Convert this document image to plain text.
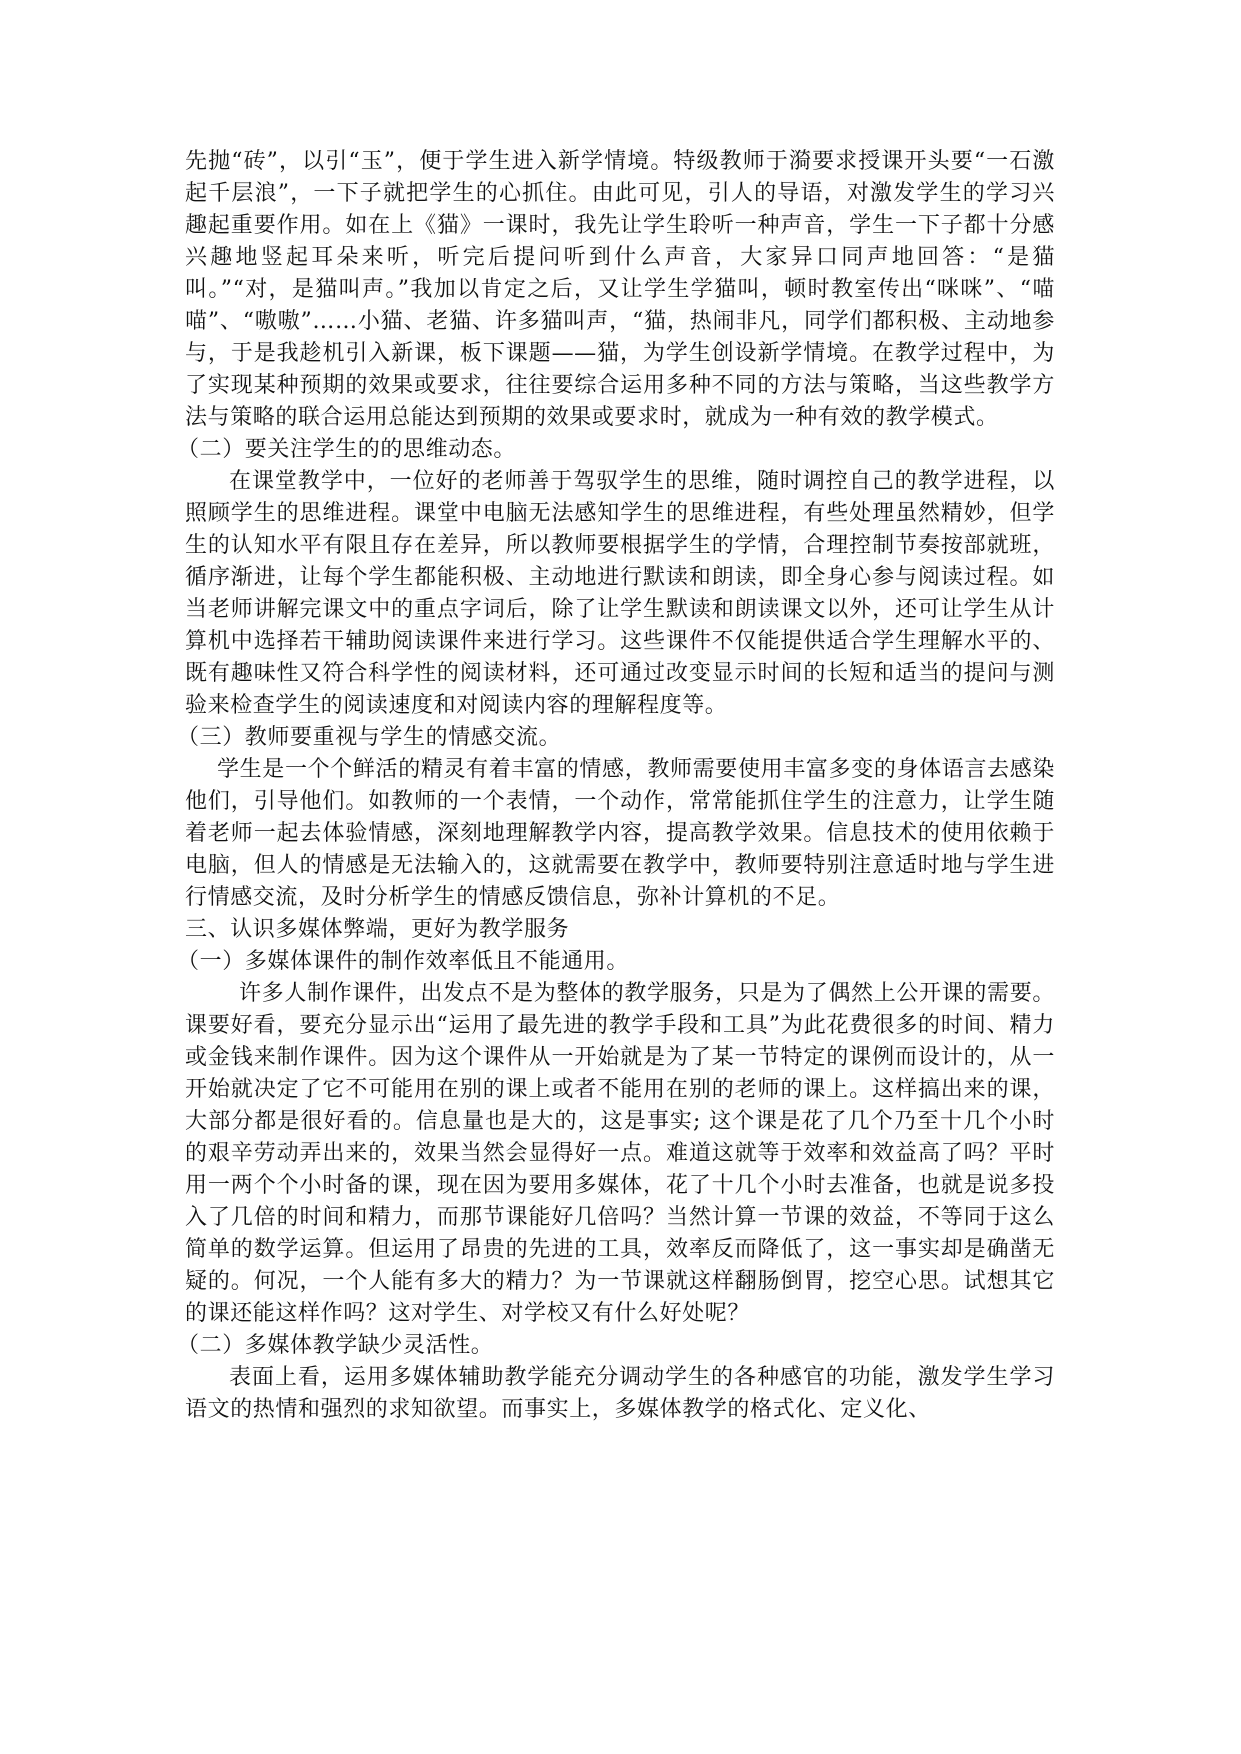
先抛“砖”，以引“玉”，便于学生进入新学情境。特级教师于漪要求授课开头要“一石激起千层浪”，一下子就把学生的心抓住。由此可见，引人的导语，对激发学生的学习兴趣起重要作用。如在上《猫》一课时，我先让学生聆听一种声音，学生一下子都十分感兴趣地竖起耳朵来听，听完后提问听到什么声音，大家异口同声地回答：“是猫叫。”“对，是猫叫声。”我加以肯定之后，又让学生学猫叫，顿时教室传出“咪咪”、“喵喵”、“嗷嗷”……小猫、老猫、许多猫叫声，“猫，热闹非凡，同学们都积极、主动地参与，于是我趁机引入新课，板下课题——猫，为学生创设新学情境。在教学过程中，为了实现某种预期的效果或要求，往往要综合运用多种不同的方法与策略，当这些教学方法与策略的联合运用总能达到预期的效果或要求时，就成为一种有效的教学模式。

（二）要关注学生的的思维动态。

在课堂教学中，一位好的老师善于驾驭学生的思维，随时调控自己的教学进程，以照顾学生的思维进程。课堂中电脑无法感知学生的思维进程，有些处理虽然精妙，但学生的认知水平有限且存在差异，所以教师要根据学生的学情，合理控制节奏按部就班，循序渐进，让每个学生都能积极、主动地进行默读和朗读，即全身心参与阅读过程。如当老师讲解完课文中的重点字词后，除了让学生默读和朗读课文以外，还可让学生从计算机中选择若干辅助阅读课件来进行学习。这些课件不仅能提供适合学生理解水平的、 既有趣味性又符合科学性的阅读材料，还可通过改变显示时间的长短和适当的提问与测验来检查学生的阅读速度和对阅读内容的理解程度等。

（三）教师要重视与学生的情感交流。

学生是一个个鲜活的精灵有着丰富的情感，教师需要使用丰富多变的身体语言去感染他们，引导他们。如教师的一个表情，一个动作，常常能抓住学生的注意力，让学生随着老师一起去体验情感，深刻地理解教学内容，提高教学效果。信息技术的使用依赖于电脑，但人的情感是无法输入的，这就需要在教学中，教师要特别注意适时地与学生进行情感交流，及时分析学生的情感反馈信息，弥补计算机的不足。

三、认识多媒体弊端，更好为教学服务

（一）多媒体课件的制作效率低且不能通用。

许多人制作课件，出发点不是为整体的教学服务，只是为了偶然上公开课的需要。课要好看，要充分显示出“运用了最先进的教学手段和工具”为此花费很多的时间、精力或金钱来制作课件。因为这个课件从一开始就是为了某一节特定的课例而设计的，从一开始就决定了它不可能用在别的课上或者不能用在别的老师的课上。这样搞出来的课，大部分都是很好看的。信息量也是大的，这是事实; 这个课是花了几个乃至十几个小时的艰辛劳动弄出来的，效果当然会显得好一点。难道这就等于效率和效益高了吗？平时用一两个个小时备的课，现在因为要用多媒体，花了十几个小时去准备，也就是说多投入了几倍的时间和精力，而那节课能好几倍吗？当然计算一节课的效益，不等同于这么简单的数学运算。但运用了昂贵的先进的工具，效率反而降低了，这一事实却是确凿无疑的。何况，一个人能有多大的精力？为一节课就这样翻肠倒胃，挖空心思。试想其它的课还能这样作吗？这对学生、对学校又有什么好处呢？

（二）多媒体教学缺少灵活性。

表面上看，运用多媒体辅助教学能充分调动学生的各种感官的功能，激发学生学习语文的热情和强烈的求知欲望。而事实上，多媒体教学的格式化、定义化、
